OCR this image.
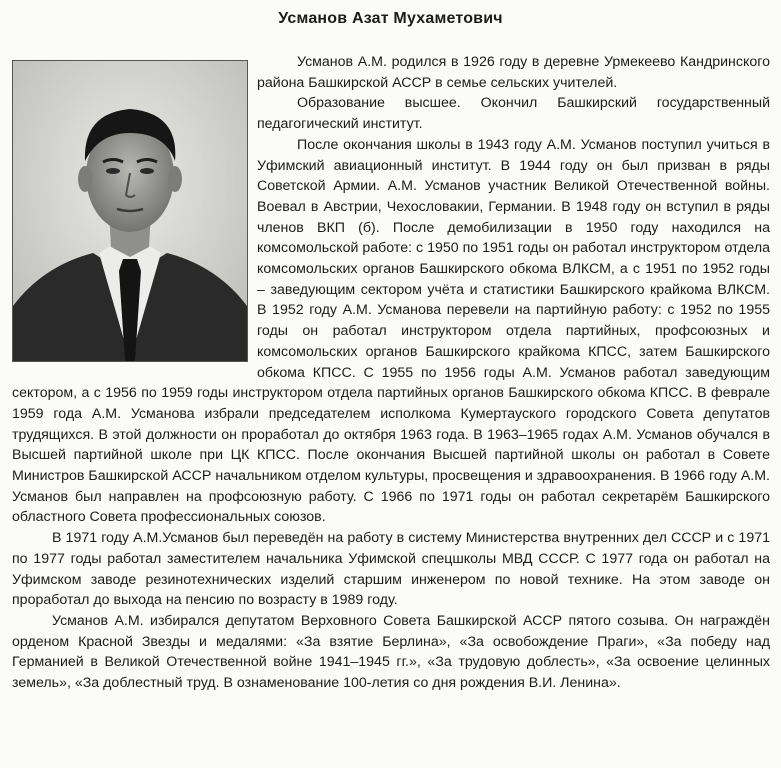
Усманов Азат Мухаметович

Усманов А.М. родился в 1926 году в деревне Урмекеево Кандринского района Башкирской АССР в семье сельских учителей.

Образование высшее. Окончил Башкирский государственный педагогический институт.

После окончания школы в 1943 году А.М. Усманов поступил учиться в Уфимский авиационный институт. В 1944 году он был призван в ряды Советской Армии. А.М. Усманов участник Великой Отечественной войны. Воевал в Австрии, Чехословакии, Германии. В 1948 году он вступил в ряды членов ВКП (б). После демобилизации в 1950 году находился на комсомольской работе: с 1950 по 1951 годы он работал инструктором отдела комсомольских органов Башкирского обкома ВЛКСМ, а с 1951 по 1952 годы – заведующим сектором учёта и статистики Башкирского крайкома ВЛКСМ. В 1952 году А.М. Усманова перевели на партийную работу: с 1952 по 1955 годы он работал инструктором отдела партийных, профсоюзных и комсомольских органов Башкирского крайкома КПСС, затем Башкирского обкома КПСС. С 1955 по 1956 годы А.М. Усманов работал заведующим сектором, а с 1956 по 1959 годы инструктором отдела партийных органов Башкирского обкома КПСС. В феврале 1959 года А.М. Усманова избрали председателем исполкома Кумертауского городского Совета депутатов трудящихся. В этой должности он проработал до октября 1963 года. В 1963–1965 годах А.М. Усманов обучался в Высшей партийной школе при ЦК КПСС. После окончания Высшей партийной школы он работал в Совете Министров Башкирской АССР начальником отделом культуры, просвещения и здравоохранения. В 1966 году А.М. Усманов был направлен на профсоюзную работу. С 1966 по 1971 годы он работал секретарём Башкирского областного Совета профессиональных союзов.

В 1971 году А.М.Усманов был переведён на работу в систему Министерства внутренних дел СССР и с 1971 по 1977 годы работал заместителем начальника Уфимской спецшколы МВД СССР. С 1977 года он работал на Уфимском заводе резинотехнических изделий старшим инженером по новой технике. На этом заводе он проработал до выхода на пенсию по возрасту в 1989 году.

Усманов А.М. избирался депутатом Верховного Совета Башкирской АССР пятого созыва. Он награждён орденом Красной Звезды и медалями: «За взятие Берлина», «За освобождение Праги», «За победу над Германией в Великой Отечественной войне 1941–1945 гг.», «За трудовую доблесть», «За освоение целинных земель», «За доблестный труд. В ознаменование 100-летия со дня рождения В.И. Ленина».
